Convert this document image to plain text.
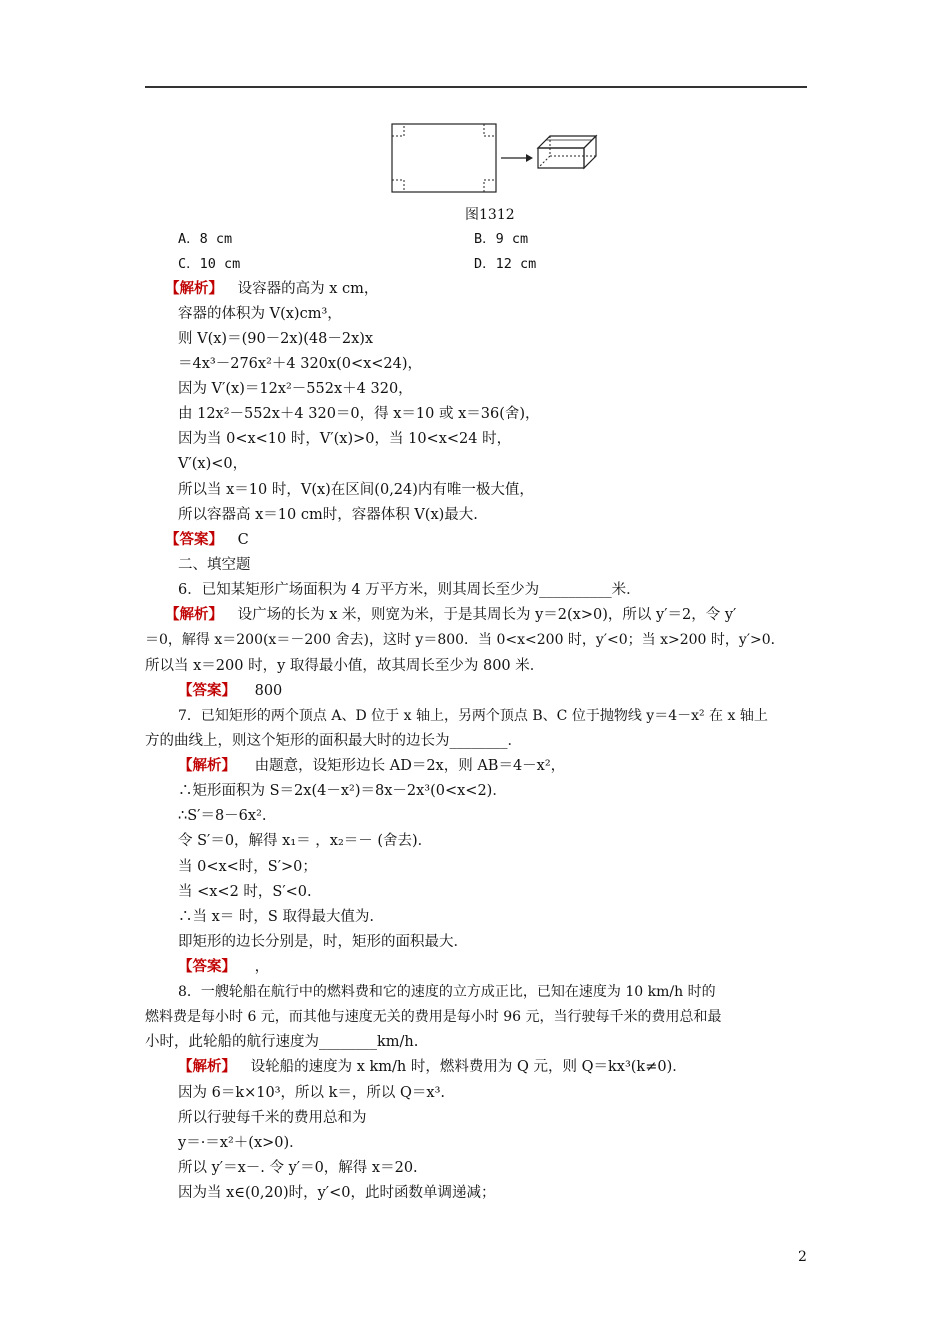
图1312
A．8 cm	B．9 cm
C．10 cm	D．12 cm
【解析】 设容器的高为 x cm，
容器的体积为 V(x)cm³，
则 V(x)＝(90－2x)(48－2x)x
＝4x³－276x²＋4 320x(0<x<24)，
因为 V′(x)＝12x²－552x＋4 320，
由 12x²－552x＋4 320＝0，得 x＝10 或 x＝36(舍)，
因为当 0<x<10 时，V′(x)>0，当 10<x<24 时，
V′(x)<0，
所以当 x＝10 时，V(x)在区间(0,24)内有唯一极大值，
所以容器高 x＝10 cm时，容器体积 V(x)最大.
【答案】 C
二、填空题
6．已知某矩形广场面积为 4 万平方米，则其周长至少为__________米．
【解析】 设广场的长为 x 米，则宽为米，于是其周长为 y＝2(x>0)，所以 y′＝2，令 y′
＝0，解得 x＝200(x＝－200 舍去)，这时 y＝800．当 0<x<200 时，y′<0；当 x>200 时，y′>0．
所以当 x＝200 时，y 取得最小值，故其周长至少为 800 米．
【答案】 800
7．已知矩形的两个顶点 A、D 位于 x 轴上，另两个顶点 B、C 位于抛物线 y＝4－x² 在 x 轴上
方的曲线上，则这个矩形的面积最大时的边长为________．
【解析】 由题意，设矩形边长 AD＝2x，则 AB＝4－x²，
∴矩形面积为 S＝2x(4－x²)＝8x－2x³(0<x<2)．
∴S′＝8－6x².
令 S′＝0，解得 x₁＝ ，x₂＝－ (舍去)．
当 0<x<时，S′>0；
当 <x<2 时，S′<0.
∴当 x＝ 时，S 取得最大值为.
即矩形的边长分别是，时，矩形的面积最大．
【答案】 ，
8．一艘轮船在航行中的燃料费和它的速度的立方成正比，已知在速度为 10 km/h 时的
燃料费是每小时 6 元，而其他与速度无关的费用是每小时 96 元，当行驶每千米的费用总和最
小时，此轮船的航行速度为________km/h.
【解析】 设轮船的速度为 x km/h 时，燃料费用为 Q 元，则 Q＝kx³(k≠0)．
因为 6＝k×10³，所以 k＝，所以 Q＝x³.
所以行驶每千米的费用总和为
y＝·＝x²＋(x>0)．
所以 y′＝x－. 令 y′＝0，解得 x＝20.
因为当 x∈(0,20)时，y′<0，此时函数单调递减；
2
